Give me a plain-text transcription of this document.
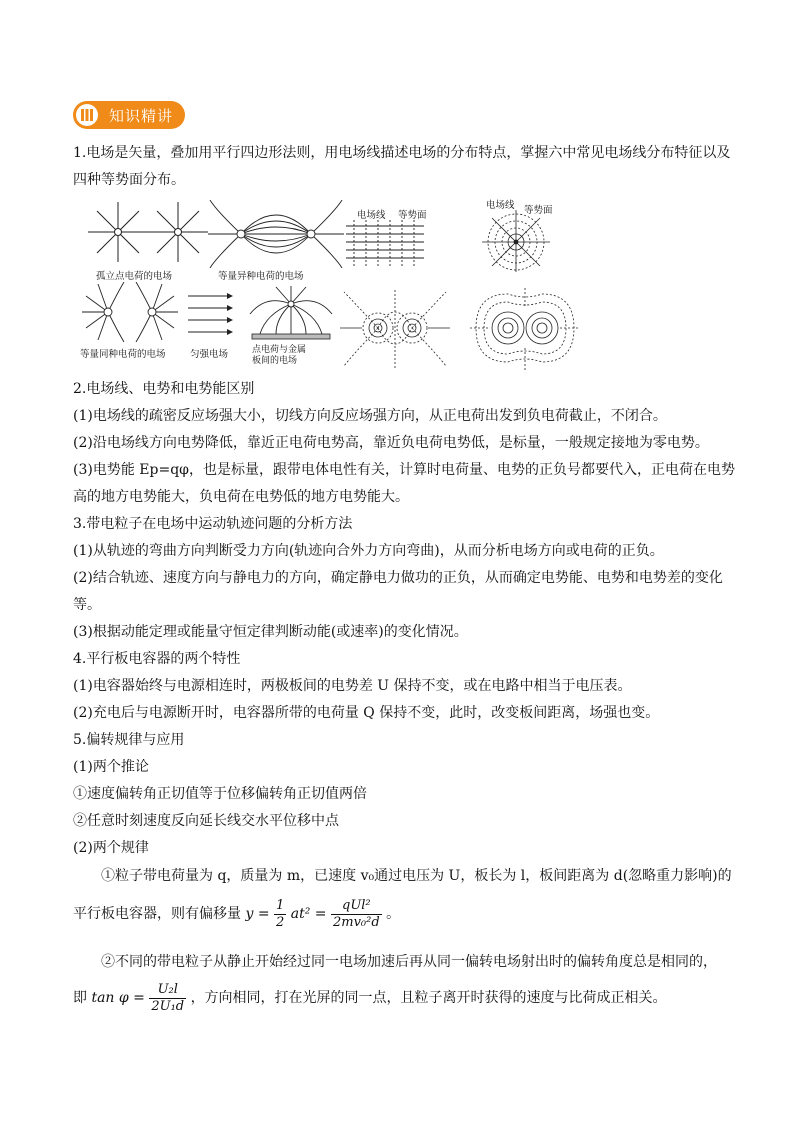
知识精讲
1.电场是矢量，叠加用平行四边形法则，用电场线描述电场的分布特点，掌握六中常见电场线分布特征以及
四种等势面分布。
孤立点电荷的电场	等量异种电荷的电场
电场线 等势面
电场线 等势面
等量同种电荷的电场	匀强电场	点电荷与金属
板间的电场
2.电场线、电势和电势能区别
(1)电场线的疏密反应场强大小，切线方向反应场强方向，从正电荷出发到负电荷截止，不闭合。
(2)沿电场线方向电势降低，靠近正电荷电势高，靠近负电荷电势低，是标量，一般规定接地为零电势。
(3)电势能 Ep=qφ，也是标量，跟带电体电性有关，计算时电荷量、电势的正负号都要代入，正电荷在电势
高的地方电势能大，负电荷在电势低的地方电势能大。
3.带电粒子在电场中运动轨迹问题的分析方法
(1)从轨迹的弯曲方向判断受力方向(轨迹向合外力方向弯曲)，从而分析电场方向或电荷的正负。
(2)结合轨迹、速度方向与静电力的方向，确定静电力做功的正负，从而确定电势能、电势和电势差的变化
等。
(3)根据动能定理或能量守恒定律判断动能(或速率)的变化情况。
4.平行板电容器的两个特性
(1)电容器始终与电源相连时，两极板间的电势差 U 保持不变，或在电路中相当于电压表。
(2)充电后与电源断开时，电容器所带的电荷量 Q 保持不变，此时，改变板间距离，场强也变。
5.偏转规律与应用
(1)两个推论
①速度偏转角正切值等于位移偏转角正切值两倍
②任意时刻速度反向延长线交水平位移中点
(2)两个规律
①粒子带电荷量为 q，质量为 m，已速度 v₀通过电压为 U，板长为 l，板间距离为 d(忽略重力影响)的
平行板电容器，则有偏移量 $y = \frac{1}{2} at^2 = \frac{\text{qUl²}}{\text{2mv₀²d}}$ 。
②不同的带电粒子从静止开始经过同一电场加速后再从同一偏转电场射出时的偏转角度总是相同的，
即 $\tan \varphi = \frac{\text{U₂l}}{\text{2U₁d}}$ ，方向相同，打在光屏的同一点，且粒子离开时获得的速度与比荷成正相关。
